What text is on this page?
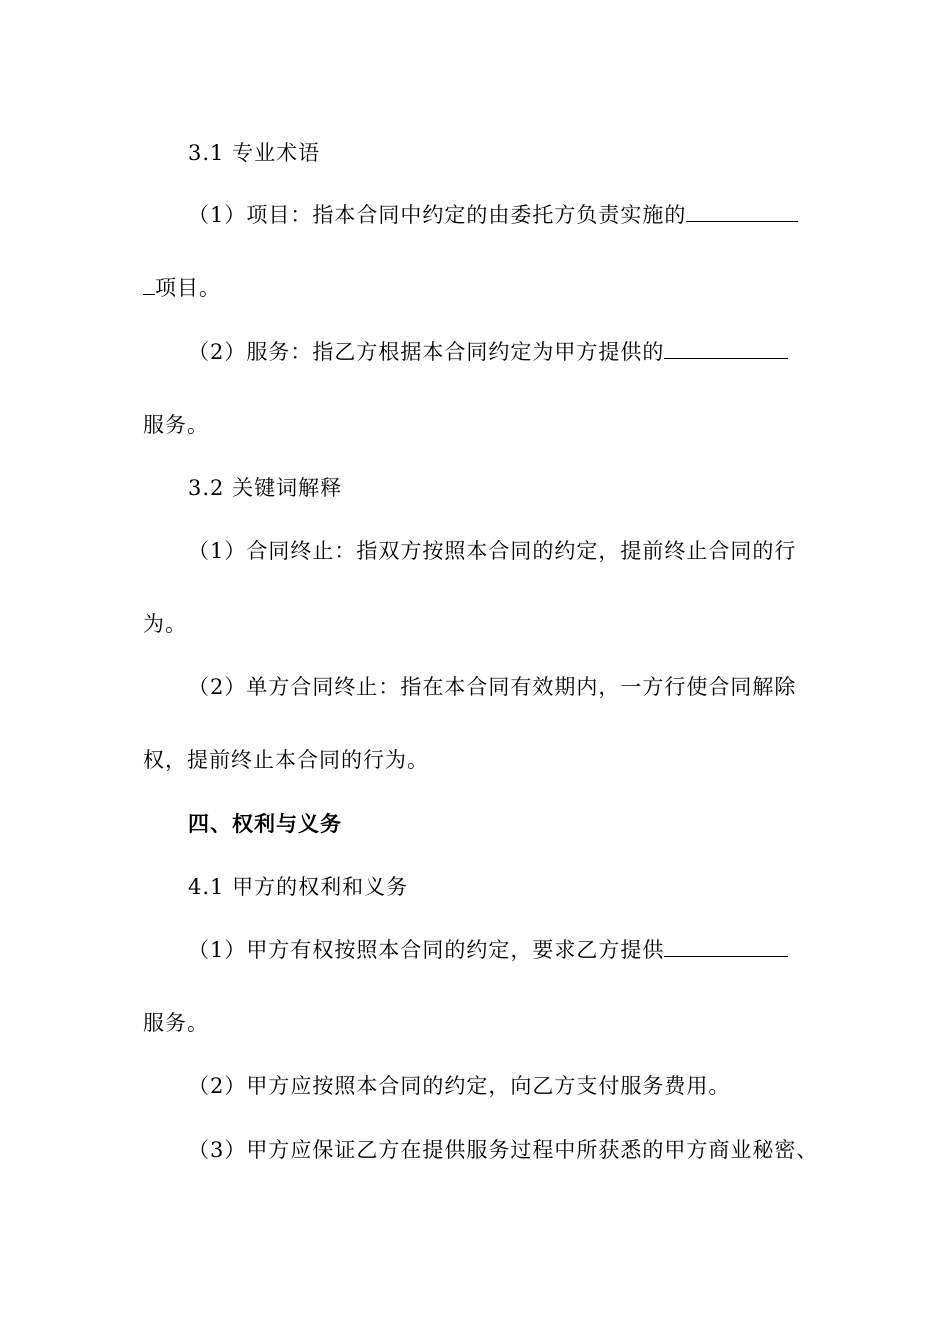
3.1 专业术语
（1）项目：指本合同中约定的由委托方负责实施的
项目。
（2）服务：指乙方根据本合同约定为甲方提供的
服务。
3.2 关键词解释
（1）合同终止：指双方按照本合同的约定，提前终止合同的行
为。
（2）单方合同终止：指在本合同有效期内，一方行使合同解除
权，提前终止本合同的行为。
四、权利与义务
4.1 甲方的权利和义务
（1）甲方有权按照本合同的约定，要求乙方提供
服务。
（2）甲方应按照本合同的约定，向乙方支付服务费用。
（3）甲方应保证乙方在提供服务过程中所获悉的甲方商业秘密、
